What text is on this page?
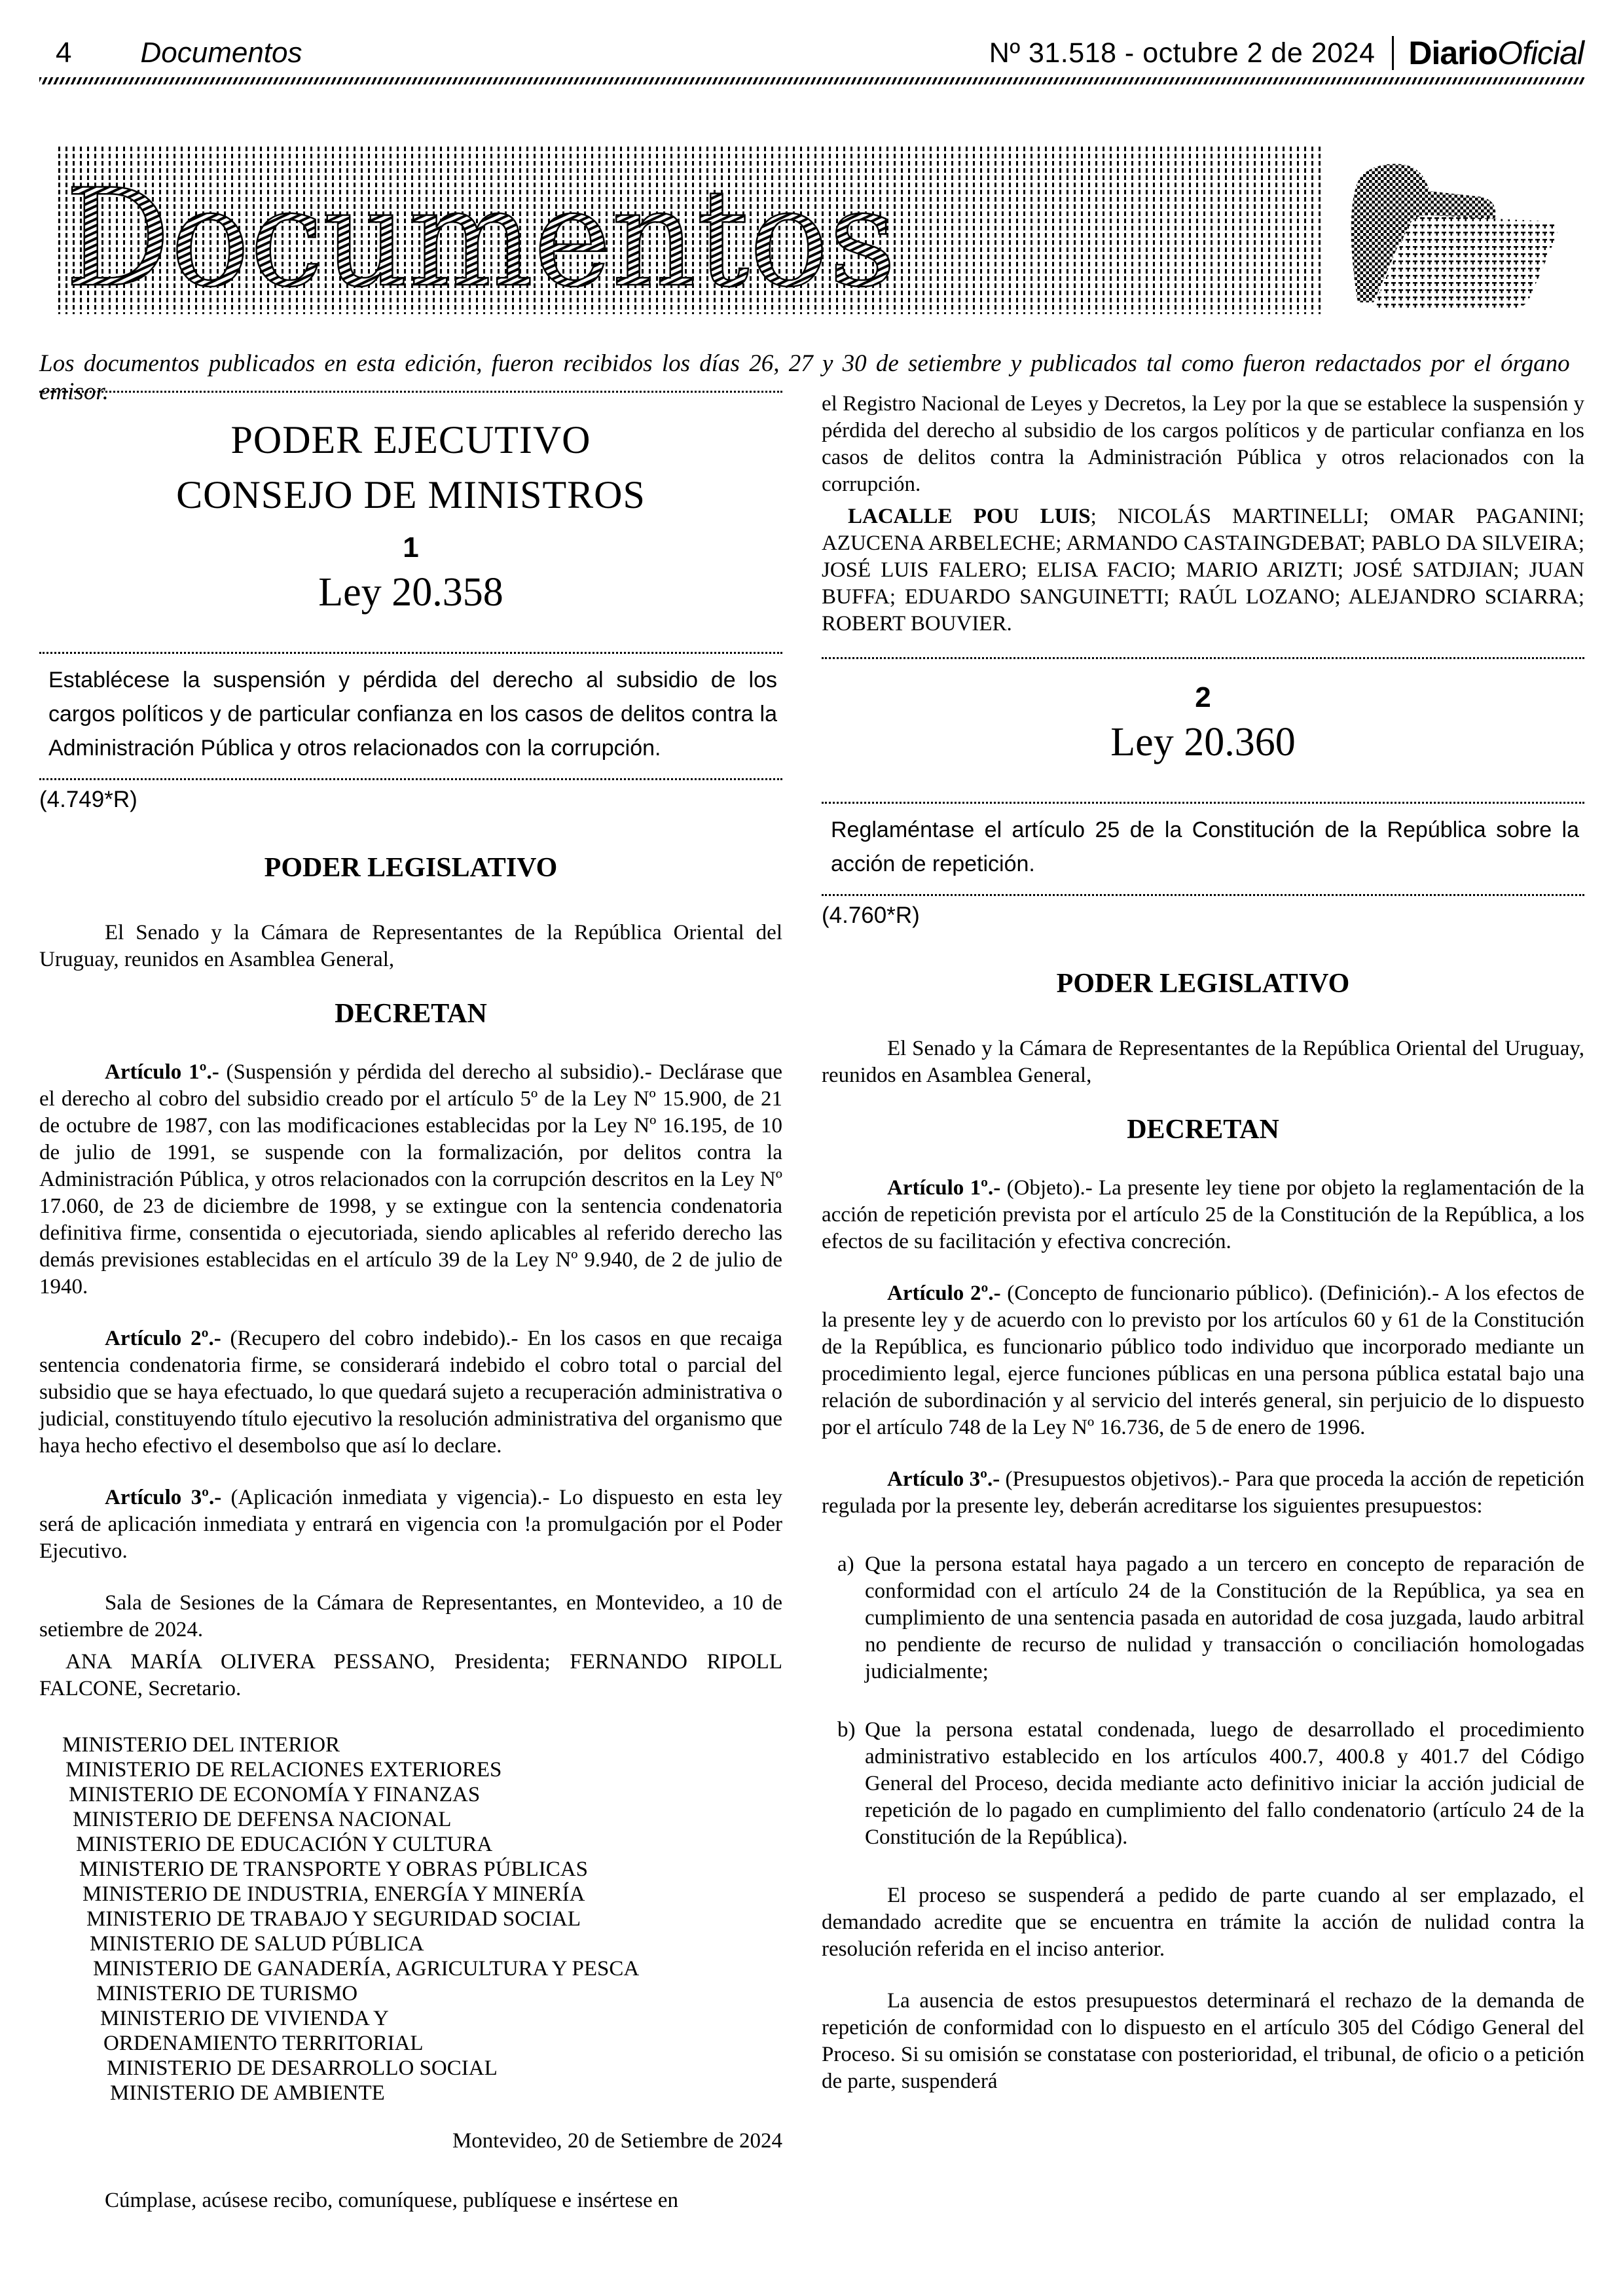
4 Documentos	Nº 31.518 - octubre 2 de 2024 DiarioOficial
Documentos

Los documentos publicados en esta edición, fueron recibidos los días 26, 27 y 30 de setiembre y publicados tal como fueron redactados por el órgano emisor.

PODER EJECUTIVO
CONSEJO DE MINISTROS
1
Ley 20.358

Establécese la suspensión y pérdida del derecho al subsidio de los cargos políticos y de particular confianza en los casos de delitos contra la Administración Pública y otros relacionados con la corrupción.

(4.749*R)

PODER LEGISLATIVO

El Senado y la Cámara de Representantes de la República Oriental del Uruguay, reunidos en Asamblea General,

DECRETAN

Artículo 1º.- (Suspensión y pérdida del derecho al subsidio).- Declárase que el derecho al cobro del subsidio creado por el artículo 5º de la Ley Nº 15.900, de 21 de octubre de 1987, con las modificaciones establecidas por la Ley Nº 16.195, de 10 de julio de 1991, se suspende con la formalización, por delitos contra la Administración Pública, y otros relacionados con la corrupción descritos en la Ley Nº 17.060, de 23 de diciembre de 1998, y se extingue con la sentencia condenatoria definitiva firme, consentida o ejecutoriada, siendo aplicables al referido derecho las demás previsiones establecidas en el artículo 39 de la Ley Nº 9.940, de 2 de julio de 1940.

Artículo 2º.- (Recupero del cobro indebido).- En los casos en que recaiga sentencia condenatoria firme, se considerará indebido el cobro total o parcial del subsidio que se haya efectuado, lo que quedará sujeto a recuperación administrativa o judicial, constituyendo título ejecutivo la resolución administrativa del organismo que haya hecho efectivo el desembolso que así lo declare.

Artículo 3º.- (Aplicación inmediata y vigencia).- Lo dispuesto en esta ley será de aplicación inmediata y entrará en vigencia con !a promulgación por el Poder Ejecutivo.

Sala de Sesiones de la Cámara de Representantes, en Montevideo, a 10 de setiembre de 2024.

ANA MARÍA OLIVERA PESSANO, Presidenta; FERNANDO RIPOLL FALCONE, Secretario.

MINISTERIO DEL INTERIOR
MINISTERIO DE RELACIONES EXTERIORES
MINISTERIO DE ECONOMÍA Y FINANZAS
MINISTERIO DE DEFENSA NACIONAL
MINISTERIO DE EDUCACIÓN Y CULTURA
MINISTERIO DE TRANSPORTE Y OBRAS PÚBLICAS
MINISTERIO DE INDUSTRIA, ENERGÍA Y MINERÍA
MINISTERIO DE TRABAJO Y SEGURIDAD SOCIAL
MINISTERIO DE SALUD PÚBLICA
MINISTERIO DE GANADERÍA, AGRICULTURA Y PESCA
MINISTERIO DE TURISMO
MINISTERIO DE VIVIENDA Y
ORDENAMIENTO TERRITORIAL
MINISTERIO DE DESARROLLO SOCIAL
MINISTERIO DE AMBIENTE

Montevideo, 20 de Setiembre de 2024

Cúmplase, acúsese recibo, comuníquese, publíquese e insértese en

el Registro Nacional de Leyes y Decretos, la Ley por la que se establece la suspensión y pérdida del derecho al subsidio de los cargos políticos y de particular confianza en los casos de delitos contra la Administración Pública y otros relacionados con la corrupción.

LACALLE POU LUIS; NICOLÁS MARTINELLI; OMAR PAGANINI; AZUCENA ARBELECHE; ARMANDO CASTAINGDEBAT; PABLO DA SILVEIRA; JOSÉ LUIS FALERO; ELISA FACIO; MARIO ARIZTI; JOSÉ SATDJIAN; JUAN BUFFA; EDUARDO SANGUINETTI; RAÚL LOZANO; ALEJANDRO SCIARRA; ROBERT BOUVIER.

2
Ley 20.360

Reglaméntase el artículo 25 de la Constitución de la República sobre la acción de repetición.

(4.760*R)

PODER LEGISLATIVO

El Senado y la Cámara de Representantes de la República Oriental del Uruguay, reunidos en Asamblea General,

DECRETAN

Artículo 1º.- (Objeto).- La presente ley tiene por objeto la reglamentación de la acción de repetición prevista por el artículo 25 de la Constitución de la República, a los efectos de su facilitación y efectiva concreción.

Artículo 2º.- (Concepto de funcionario público). (Definición).- A los efectos de la presente ley y de acuerdo con lo previsto por los artículos 60 y 61 de la Constitución de la República, es funcionario público todo individuo que incorporado mediante un procedimiento legal, ejerce funciones públicas en una persona pública estatal bajo una relación de subordinación y al servicio del interés general, sin perjuicio de lo dispuesto por el artículo 748 de la Ley Nº 16.736, de 5 de enero de 1996.

Artículo 3º.- (Presupuestos objetivos).- Para que proceda la acción de repetición regulada por la presente ley, deberán acreditarse los siguientes presupuestos:

a) Que la persona estatal haya pagado a un tercero en concepto de reparación de conformidad con el artículo 24 de la Constitución de la República, ya sea en cumplimiento de una sentencia pasada en autoridad de cosa juzgada, laudo arbitral no pendiente de recurso de nulidad y transacción o conciliación homologadas judicialmente;
b) Que la persona estatal condenada, luego de desarrollado el procedimiento administrativo establecido en los artículos 400.7, 400.8 y 401.7 del Código General del Proceso, decida mediante acto definitivo iniciar la acción judicial de repetición de lo pagado en cumplimiento del fallo condenatorio (artículo 24 de la Constitución de la República).

El proceso se suspenderá a pedido de parte cuando al ser emplazado, el demandado acredite que se encuentra en trámite la acción de nulidad contra la resolución referida en el inciso anterior.

La ausencia de estos presupuestos determinará el rechazo de la demanda de repetición de conformidad con lo dispuesto en el artículo 305 del Código General del Proceso. Si su omisión se constatase con posterioridad, el tribunal, de oficio o a petición de parte, suspenderá
